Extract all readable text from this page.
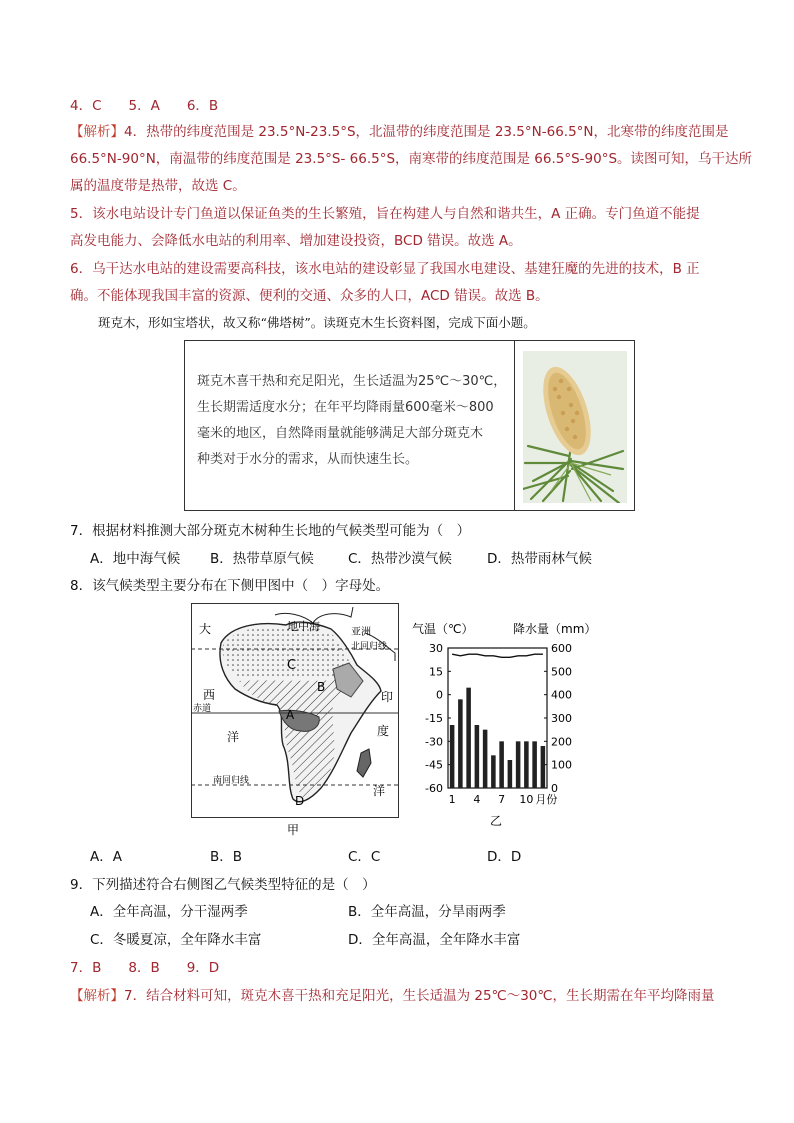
4．C　　5．A　　6．B
【解析】4．热带的纬度范围是 23.5°N-23.5°S，北温带的纬度范围是 23.5°N-66.5°N，北寒带的纬度范围是
66.5°N-90°N，南温带的纬度范围是 23.5°S- 66.5°S，南寒带的纬度范围是 66.5°S-90°S。读图可知，乌干达所
属的温度带是热带，故选 C。
5．该水电站设计专门鱼道以保证鱼类的生长繁殖，旨在构建人与自然和谐共生，A 正确。专门鱼道不能提
高发电能力、会降低水电站的利用率、增加建设投资，BCD 错误。故选 A。
6．乌干达水电站的建设需要高科技，该水电站的建设彰显了我国水电建设、基建狂魔的先进的技术，B 正
确。不能体现我国丰富的资源、便利的交通、众多的人口，ACD 错误。故选 B。
斑克木，形如宝塔状，故又称“佛塔树”。读斑克木生长资料图，完成下面小题。
斑克木喜干热和充足阳光，生长适温为25℃～30℃，
生长期需适度水分；在年平均降雨量600毫米～800
毫米的地区，自然降雨量就能够满足大部分斑克木
种类对于水分的需求，从而快速生长。
7．根据材料推测大部分斑克木树种生长地的气候类型可能为（　）
A．地中海气候 B．热带草原气候	C．热带沙漠气候	D．热带雨林气候
8．该气候类型主要分布在下侧甲图中（　）字母处。
大	地中海	亚洲
北回归线
C
B
西
赤道	A
印
洋	度
南回归线
洋
D
甲
气温（℃）	降水量（mm）
30
15
0
-15
-30
-45
-60
600
500
400
300
200
100
0
1 4 7 10 月份
乙
A．A	B．B	C．C	D．D
9．下列描述符合右侧图乙气候类型特征的是（　）
A．全年高温，分干湿两季	B．全年高温，分旱雨两季
C．冬暖夏凉，全年降水丰富	D．全年高温，全年降水丰富
7．B　　8．B　　9．D
【解析】7．结合材料可知，斑克木喜干热和充足阳光，生长适温为 25℃～30℃，生长期需在年平均降雨量
